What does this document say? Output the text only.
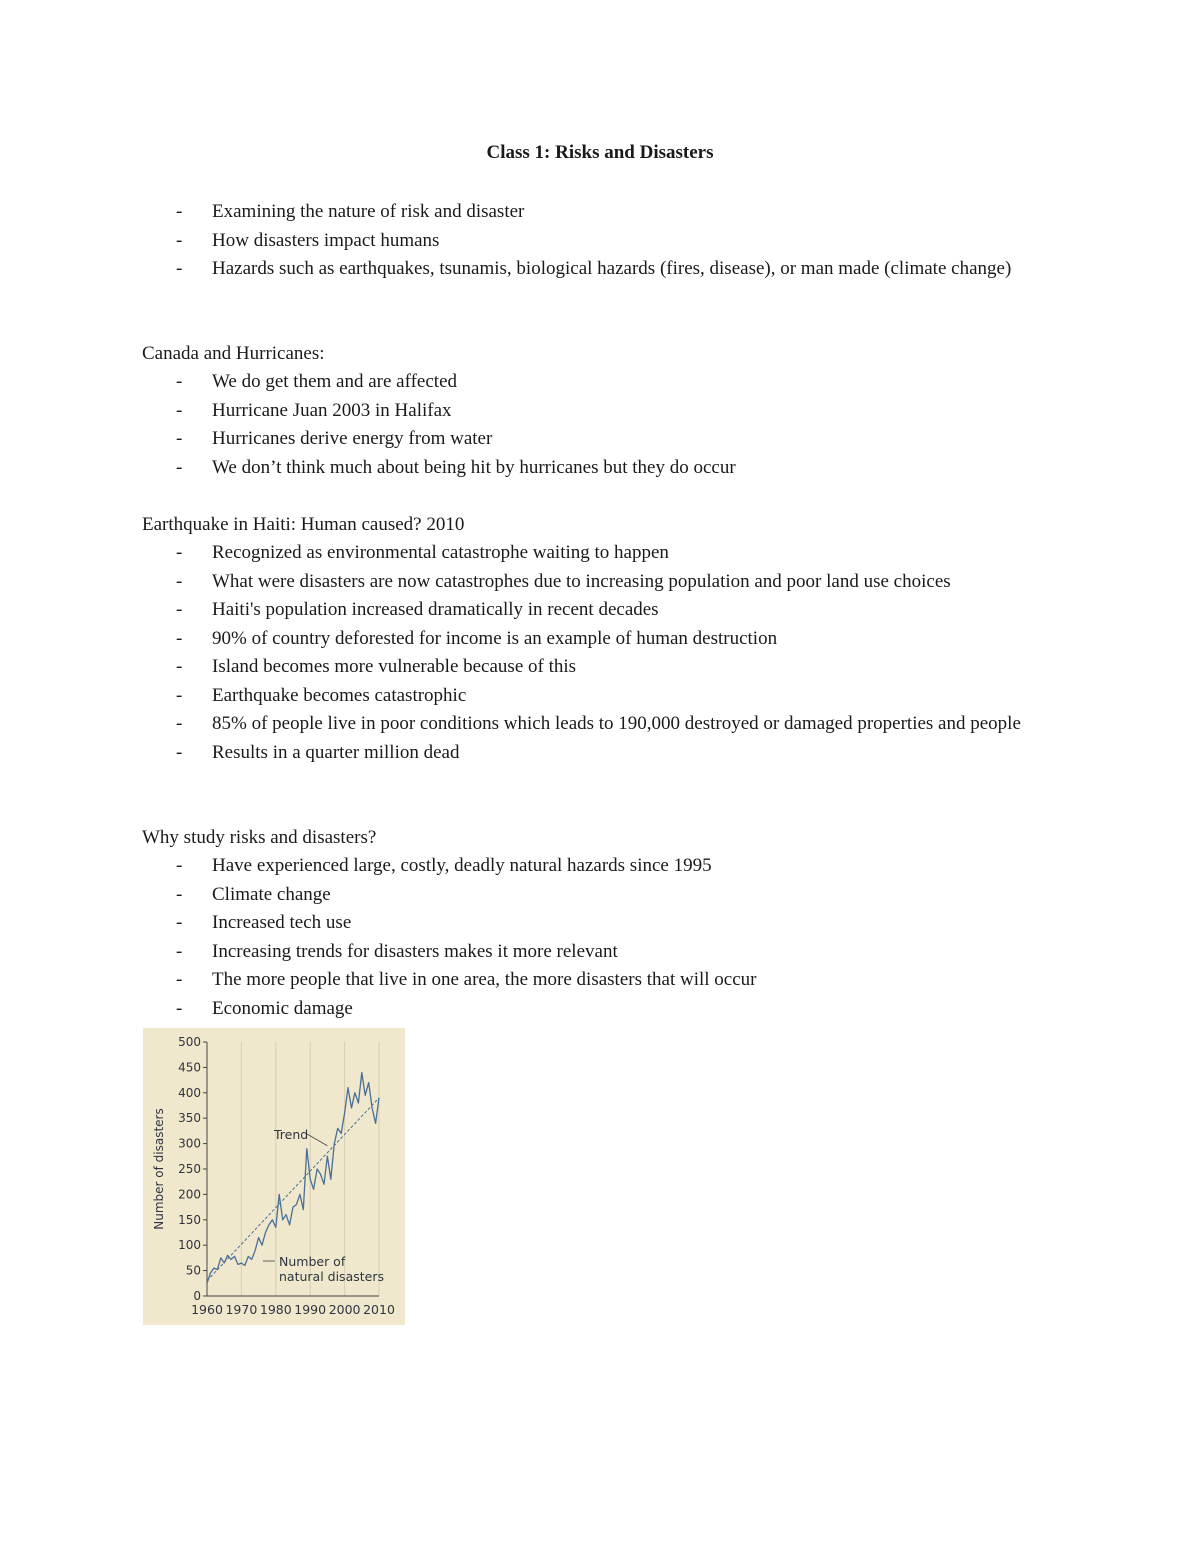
Class 1: Risks and Disasters
- Examining the nature of risk and disaster
- How disasters impact humans
- Hazards such as earthquakes, tsunamis, biological hazards (fires, disease), or man made (climate change)

Canada and Hurricanes:

- We do get them and are affected
- Hurricane Juan 2003 in Halifax
- Hurricanes derive energy from water
- We don’t think much about being hit by hurricanes but they do occur

Earthquake in Haiti: Human caused? 2010

- Recognized as environmental catastrophe waiting to happen
- What were disasters are now catastrophes due to increasing population and poor land use choices
- Haiti's population increased dramatically in recent decades
- 90% of country deforested for income is an example of human destruction
- Island becomes more vulnerable because of this
- Earthquake becomes catastrophic
- 85% of people live in poor conditions which leads to 190,000 destroyed or damaged properties and people
- Results in a quarter million dead

Why study risks and disasters?

- Have experienced large, costly, deadly natural hazards since 1995
- Climate change
- Increased tech use
- Increasing trends for disasters makes it more relevant
- The more people that live in one area, the more disasters that will occur
- Economic damage
1960 1970 1980 1990 2000 2010
0
50
100
150
200
250
300
350
400
450
500
Number of disasters	Trend
Number of natural disasters
